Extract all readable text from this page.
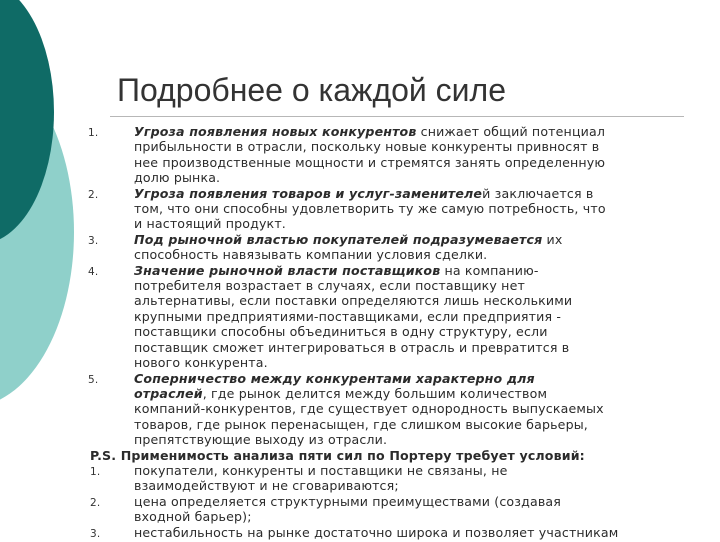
Подробнее о каждой силе
1.	Угроза появления новых конкурентов снижает общий потенциал
прибыльности в отрасли, поскольку новые конкуренты привносят в
нее производственные мощности и стремятся занять определенную
долю рынка.
2.	Угроза появления товаров и услуг-заменителей заключается в
том, что они способны удовлетворить ту же самую потребность, что
и настоящий продукт.
3.	Под рыночной властью покупателей подразумевается их
способность навязывать компании условия сделки.
4.	Значение рыночной власти поставщиков на компанию-
потребителя возрастает в случаях, если поставщику нет
альтернативы, если поставки определяются лишь несколькими
крупными предприятиями-поставщиками, если предприятия -
поставщики способны объединиться в одну структуру, если
поставщик сможет интегрироваться в отрасль и превратится в
нового конкурента.
5.	Соперничество между конкурентами характерно для
отраслей, где рынок делится между большим количеством
компаний-конкурентов, где существует однородность выпускаемых
товаров, где рынок перенасыщен, где слишком высокие барьеры,
препятствующие выходу из отрасли.

P.S. Применимость анализа пяти сил по Портеру требует условий:

1.	покупатели, конкуренты и поставщики не связаны, не
взаимодействуют и не сговариваются;
2.	цена определяется структурными преимуществами (создавая
входной барьер);
3.	нестабильность на рынке достаточно широка и позволяет участникам
